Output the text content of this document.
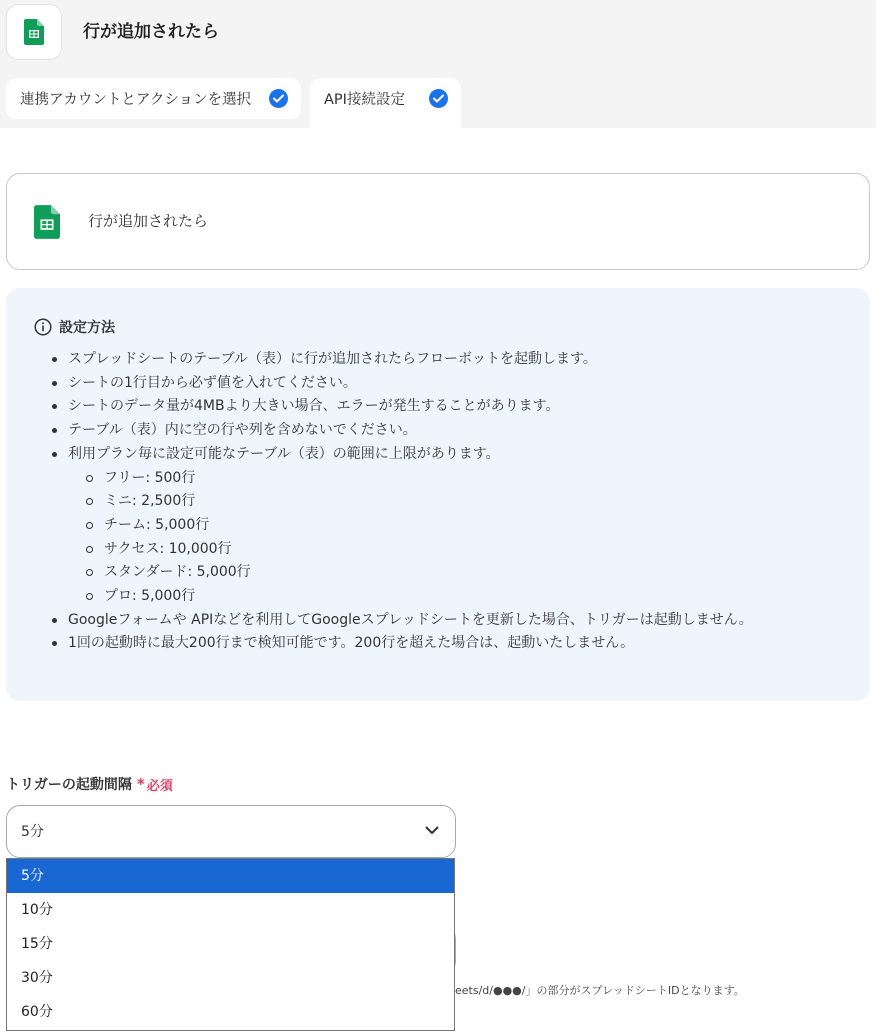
行が追加されたら
連携アカウントとアクションを選択	API接続設定
行が追加されたら
設定方法
スプレッドシートのテーブル（表）に行が追加されたらフローボットを起動します。
シートの1行目から必ず値を入れてください。
シートのデータ量が4MBより大きい場合、エラーが発生することがあります。
テーブル（表）内に空の行や列を含めないでください。
利用プラン毎に設定可能なテーブル（表）の範囲に上限があります。
フリー: 500行
ミニ: 2,500行
チーム: 5,000行
サクセス: 10,000行
スタンダード: 5,000行
プロ: 5,000行
Googleフォームや APIなどを利用してGoogleスプレッドシートを更新した場合、トリガーは起動しません。
1回の起動時に最大200行まで検知可能です。200行を超えた場合は、起動いたしません。
トリガーの起動間隔 * 必須
5分
eets/d/●●●/」の部分がスプレッドシートIDとなります。
5分
10分
15分
30分
60分
